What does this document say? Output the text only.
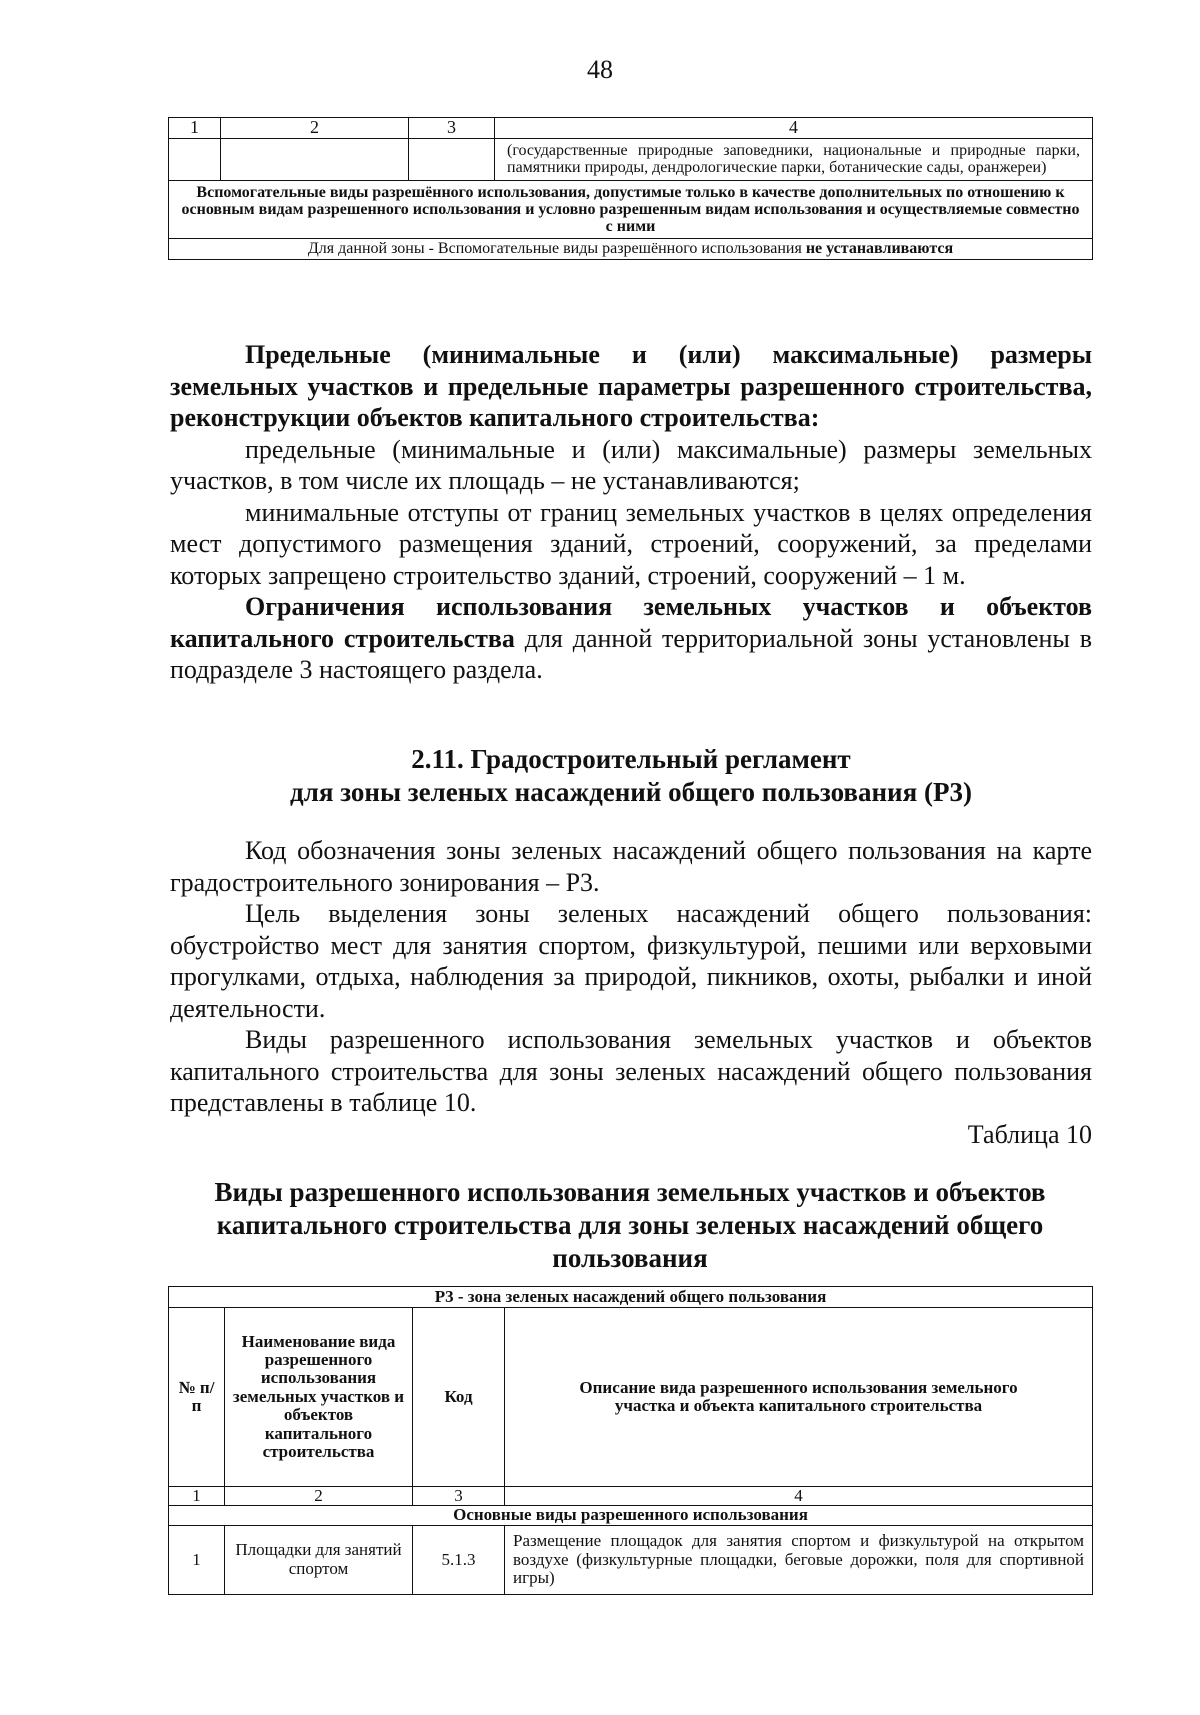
48
1	2	3	4
			(государственные природные заповедники, национальные и природные парки, памятники природы, дендрологические парки, ботанические сады, оранжереи)
Вспомогательные виды разрешённого использования, допустимые только в качестве дополнительных по отношению к основным видам разрешенного использования и условно разрешенным видам использования и осуществляемые совместно с ними			
Для данной зоны - Вспомогательные виды разрешённого использования не устанавливаются			

Предельные (минимальные и (или) максимальные) размеры земельных участков и предельные параметры разрешенного строительства, реконструкции объектов капитального строительства:

предельные (минимальные и (или) максимальные) размеры земельных участков, в том числе их площадь – не устанавливаются;

минимальные отступы от границ земельных участков в целях определения мест допустимого размещения зданий, строений, сооружений, за пределами которых запрещено строительство зданий, строений, сооружений – 1 м.

Ограничения использования земельных участков и объектов капитального строительства для данной территориальной зоны установлены в подразделе 3 настоящего раздела.

2.11. Градостроительный регламент

для зоны зеленых насаждений общего пользования (Р3)

Код обозначения зоны зеленых насаждений общего пользования на карте градостроительного зонирования – Р3.

Цель выделения зоны зеленых насаждений общего пользования: обустройство мест для занятия спортом, физкультурой, пешими или верховыми прогулками, отдыха, наблюдения за природой, пикников, охоты, рыбалки и иной деятельности.

Виды разрешенного использования земельных участков и объектов капитального строительства для зоны зеленых насаждений общего пользования представлены в таблице 10.

Таблица 10

Виды разрешенного использования земельных участков и объектов капитального строительства для зоны зеленых насаждений общего пользования

Р3 - зона зеленых насаждений общего пользования			
№ п/п	Наименование вида разрешенного использования земельных участков и объектов капитального строительства	Код	Описание вида разрешенного использования земельного участка и объекта капитального строительства
1	2	3	4
Основные виды разрешенного использования			
1	Площадки для занятий спортом	5.1.3	Размещение площадок для занятия спортом и физкультурой на открытом воздухе (физкультурные площадки, беговые дорожки, поля для спортивной игры)
